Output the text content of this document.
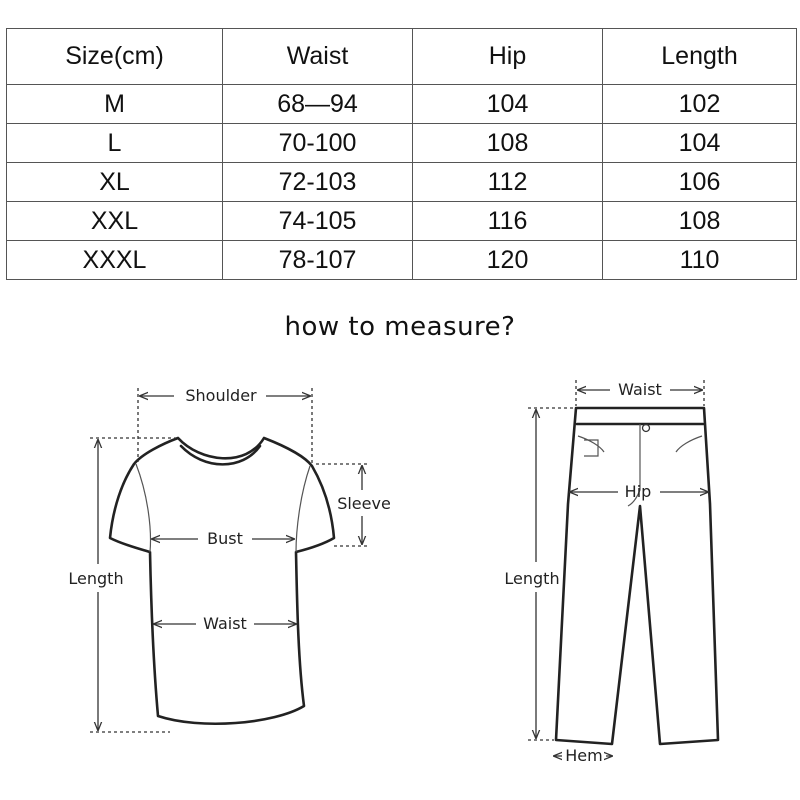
Size(cm)	Waist	Hip	Length
M	68—94	104	102
L	70-100	108	104
XL	72-103	112	106
XXL	74-105	116	108
XXXL	78-107	120	110
how to measure?
Shoulder
Sleeve
Bust
Waist
Length
Waist
Hip
Length
Hem
